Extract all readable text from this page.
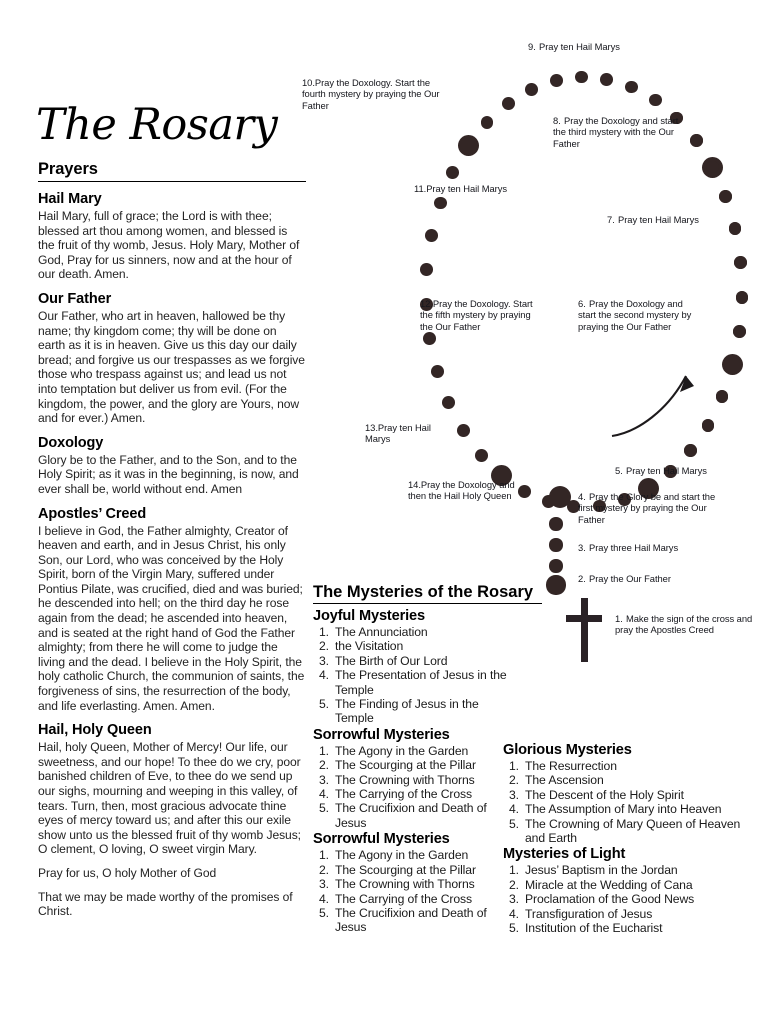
The Rosary
Prayers
Hail Mary

Hail Mary, full of grace; the Lord is with thee; blessed art thou among women, and blessed is the fruit of thy womb, Jesus. Holy Mary, Mother of God, Pray for us sinners, now and at the hour of our death. Amen.

Our Father

Our Father, who art in heaven, hallowed be thy name; thy kingdom come; thy will be done on earth as it is in heaven. Give us this day our daily bread; and forgive us our trespasses as we forgive those who trespass against us; and lead us not into temptation but deliver us from evil. (For the kingdom, the power, and the glory are Yours, now and for ever.) Amen.

Doxology

Glory be to the Father, and to the Son, and to the Holy Spirit; as it was in the beginning, is now, and ever shall be, world without end. Amen

Apostles’ Creed

I believe in God, the Father almighty, Creator of heaven and earth, and in Jesus Christ, his only Son, our Lord, who was conceived by the Holy Spirit, born of the Virgin Mary, suffered under Pontius Pilate, was crucified, died and was buried; he descended into hell; on the third day he rose again from the dead; he ascended into heaven, and is seated at the right hand of God the Father almighty; from there he will come to judge the living and the dead. I believe in the Holy Spirit, the holy catholic Church, the communion of saints, the forgiveness of sins, the resurrection of the body, and life everlasting. Amen. Amen.

Hail, Holy Queen

Hail, holy Queen, Mother of Mercy! Our life, our sweetness, and our hope! To thee do we cry, poor banished children of Eve, to thee do we send up our sighs, mourning and weeping in this valley, of tears. Turn, then, most gracious advocate thine eyes of mercy toward us; and after this our exile show unto us the blessed fruit of thy womb Jesus; O clement, O loving, O sweet virgin Mary.

Pray for us, O holy Mother of God

That we may be made worthy of the promises of Christ.

1. Make the sign of the cross and pray the Apostles Creed
2. Pray the Our Father
3. Pray three Hail Marys
4. Pray the Glory be and start the first mystery by praying the Our Father
5. Pray ten Hail Marys
6. Pray the Doxology and start the second mystery by praying the Our Father
7. Pray ten Hail Marys
8. Pray the Doxology and start the third mystery with the Our Father
9. Pray ten Hail Marys
10.Pray the Doxology. Start the fourth mystery by praying the Our Father
11.Pray ten Hail Marys
12.Pray the Doxology. Start the fifth mystery by praying the Our Father
13.Pray ten Hail Marys
14.Pray the Doxology and then the Hail Holy Queen
The Mysteries of the Rosary
Joyful Mysteries
1. The Annunciation
2. the Visitation
3. The Birth of Our Lord
4. The Presentation of Jesus in the Temple
5. The Finding of Jesus in the Temple
Sorrowful Mysteries
1. The Agony in the Garden
2. The Scourging at the Pillar
3. The Crowning with Thorns
4. The Carrying of the Cross
5. The Crucifixion and Death of Jesus
Sorrowful Mysteries
1. The Agony in the Garden
2. The Scourging at the Pillar
3. The Crowning with Thorns
4. The Carrying of the Cross
5. The Crucifixion and Death of Jesus
Glorious Mysteries
1. The Resurrection
2. The Ascension
3. The Descent of the Holy Spirit
4. The Assumption of Mary into Heaven
5. The Crowning of Mary Queen of Heaven and Earth
Mysteries of Light
1. Jesus’ Baptism in the Jordan
2. Miracle at the Wedding of Cana
3. Proclamation of the Good News
4. Transfiguration of Jesus
5. Institution of the Eucharist
